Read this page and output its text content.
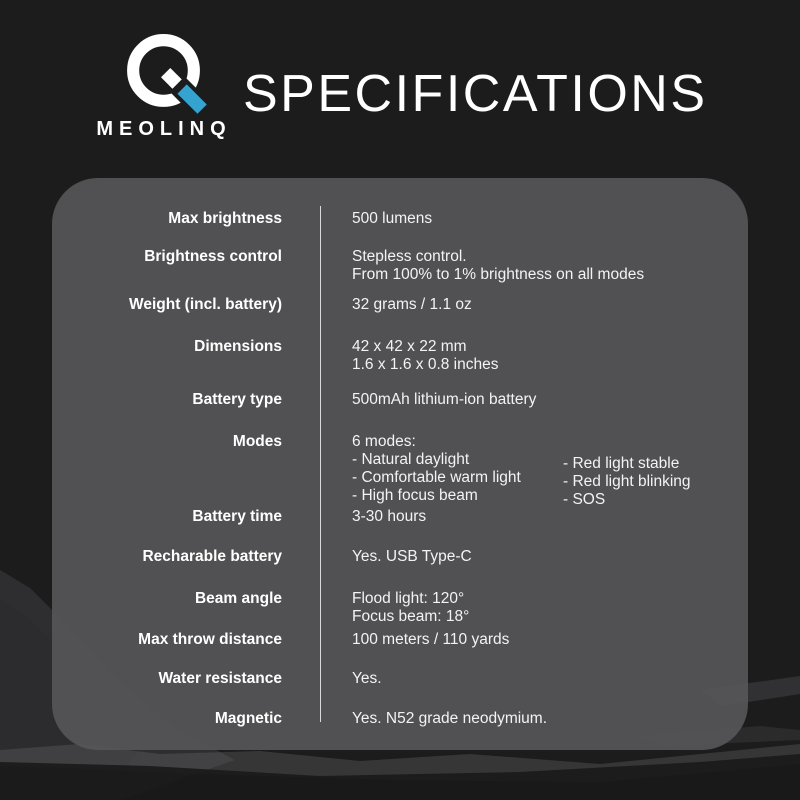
MEOLINQ
SPECIFICATIONS
Max brightness	500 lumens
Brightness control	Stepless control.
From 100% to 1% brightness on all modes
Weight (incl. battery)	32 grams / 1.1 oz
Dimensions	42 x 42 x 22 mm
1.6 x 1.6 x 0.8 inches
Battery type	500mAh lithium-ion battery
Modes	6 modes:
- Natural daylight
- Comfortable warm light
- High focus beam
- Red light stable
- Red light blinking
- SOS
Battery time	3-30 hours
Recharable battery	Yes. USB Type-C
Beam angle	Flood light: 120°
Focus beam: 18°
Max throw distance	100 meters / 110 yards
Water resistance	Yes.
Magnetic	Yes. N52 grade neodymium.
